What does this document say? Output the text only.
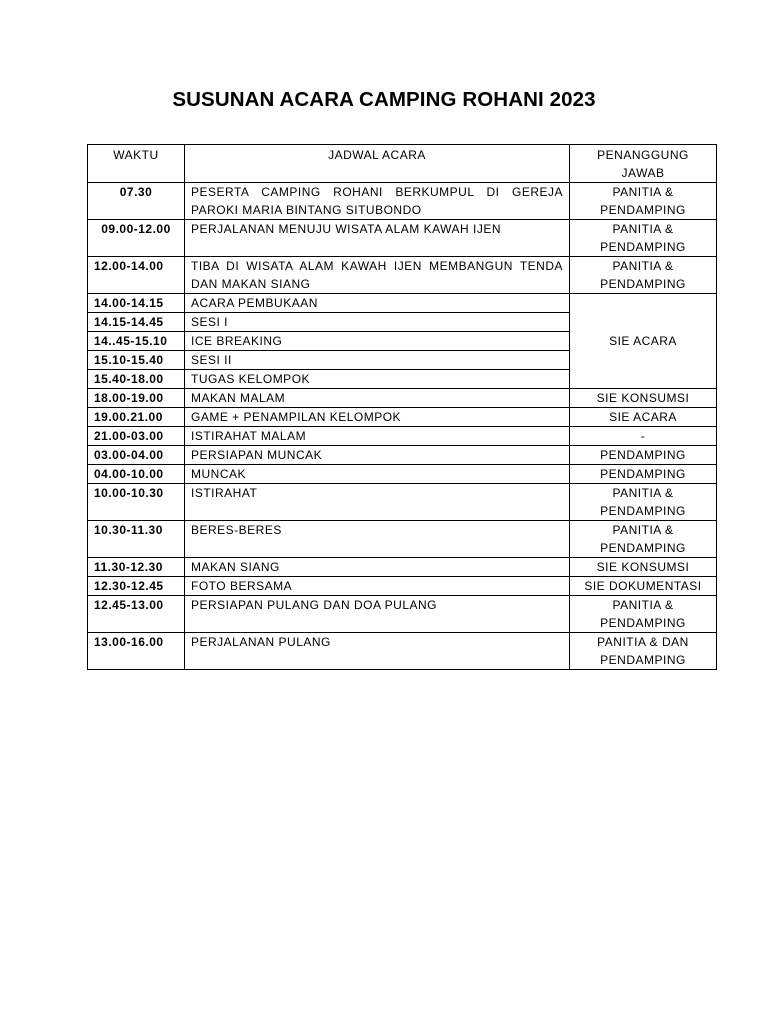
SUSUNAN ACARA CAMPING ROHANI 2023
WAKTU	JADWAL ACARA	PENANGGUNG JAWAB
07.30	PESERTA CAMPING ROHANI BERKUMPUL DI GEREJA PAROKI MARIA BINTANG SITUBONDO	PANITIA & PENDAMPING
09.00-12.00	PERJALANAN MENUJU WISATA ALAM KAWAH IJEN	PANITIA & PENDAMPING
12.00-14.00	TIBA DI WISATA ALAM KAWAH IJEN MEMBANGUN TENDA DAN MAKAN SIANG	PANITIA & PENDAMPING
14.00-14.15	ACARA PEMBUKAAN	SIE ACARA
14.15-14.45	SESI I	
14..45-15.10	ICE BREAKING	
15.10-15.40	SESI II	
15.40-18.00	TUGAS KELOMPOK	
18.00-19.00	MAKAN MALAM	SIE KONSUMSI
19.00.21.00	GAME + PENAMPILAN KELOMPOK	SIE ACARA
21.00-03.00	ISTIRAHAT MALAM	-
03.00-04.00	PERSIAPAN MUNCAK	PENDAMPING
04.00-10.00	MUNCAK	PENDAMPING
10.00-10.30	ISTIRAHAT	PANITIA & PENDAMPING
10.30-11.30	BERES-BERES	PANITIA & PENDAMPING
11.30-12.30	MAKAN SIANG	SIE KONSUMSI
12.30-12.45	FOTO BERSAMA	SIE DOKUMENTASI
12.45-13.00	PERSIAPAN PULANG DAN DOA PULANG	PANITIA & PENDAMPING
13.00-16.00	PERJALANAN PULANG	PANITIA & DAN PENDAMPING
